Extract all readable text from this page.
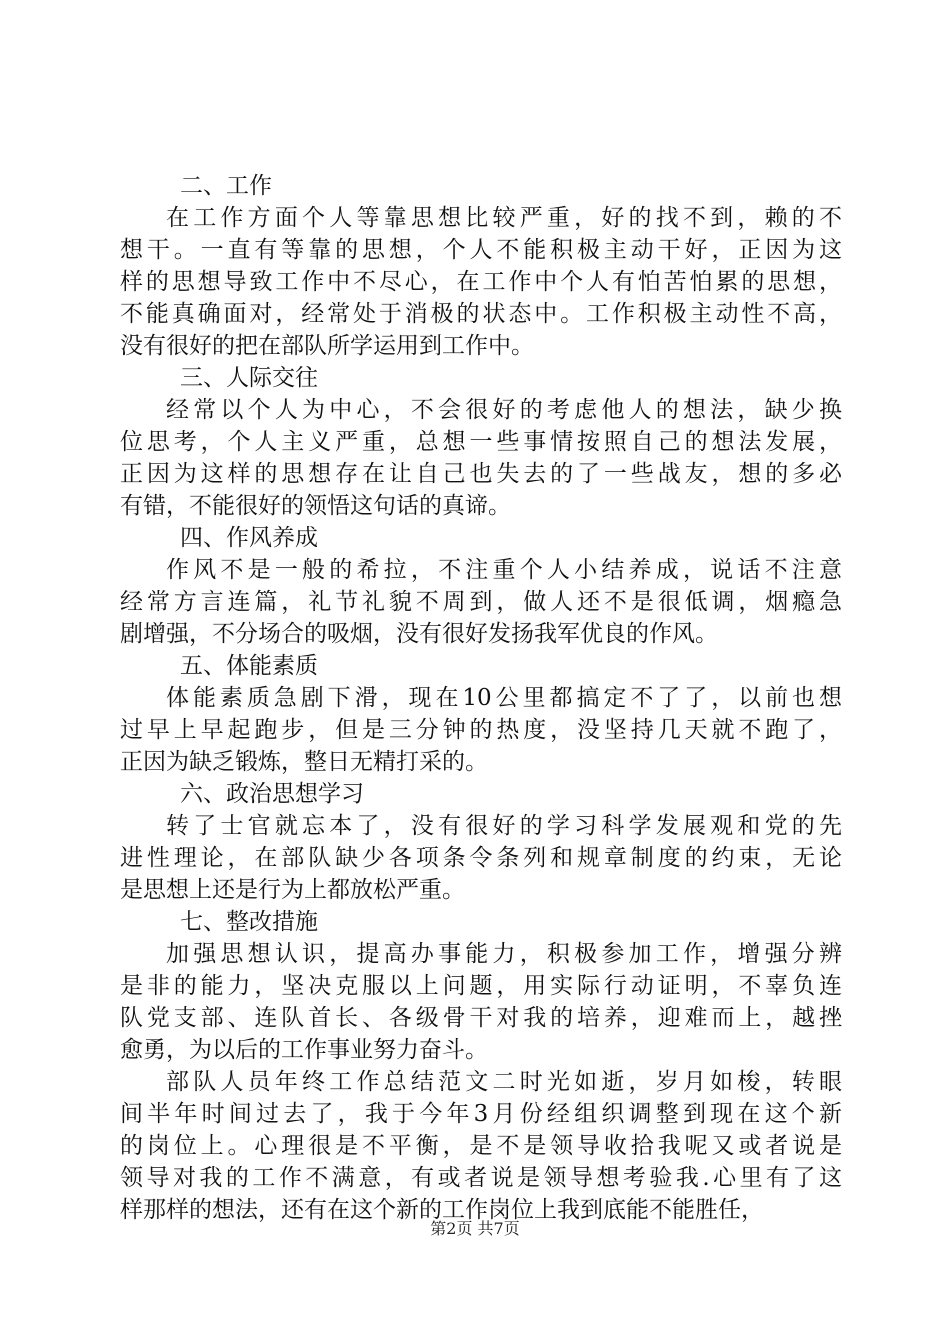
二、工作
在工作方面个人等靠思想比较严重，好的找不到，赖的不
想干。一直有等靠的思想，个人不能积极主动干好，正因为这
样的思想导致工作中不尽心，在工作中个人有怕苦怕累的思想，
不能真确面对，经常处于消极的状态中。工作积极主动性不高，
没有很好的把在部队所学运用到工作中。
三、人际交往
经常以个人为中心，不会很好的考虑他人的想法，缺少换
位思考，个人主义严重，总想一些事情按照自己的想法发展，
正因为这样的思想存在让自己也失去的了一些战友，想的多必
有错，不能很好的领悟这句话的真谛。
四、作风养成
作风不是一般的希拉，不注重个人小结养成，说话不注意
经常方言连篇，礼节礼貌不周到，做人还不是很低调，烟瘾急
剧增强，不分场合的吸烟，没有很好发扬我军优良的作风。
五、体能素质
体能素质急剧下滑，现在10公里都搞定不了了，以前也想
过早上早起跑步，但是三分钟的热度，没坚持几天就不跑了，
正因为缺乏锻炼，整日无精打采的。
六、政治思想学习
转了士官就忘本了，没有很好的学习科学发展观和党的先
进性理论，在部队缺少各项条令条列和规章制度的约束，无论
是思想上还是行为上都放松严重。
七、整改措施
加强思想认识，提高办事能力，积极参加工作，增强分辨
是非的能力，坚决克服以上问题，用实际行动证明，不辜负连
队党支部、连队首长、各级骨干对我的培养，迎难而上，越挫
愈勇，为以后的工作事业努力奋斗。
部队人员年终工作总结范文二时光如逝，岁月如梭，转眼
间半年时间过去了，我于今年3月份经组织调整到现在这个新
的岗位上。心理很是不平衡，是不是领导收拾我呢又或者说是
领导对我的工作不满意，有或者说是领导想考验我.心里有了这
样那样的想法，还有在这个新的工作岗位上我到底能不能胜任，
第2页 共7页
